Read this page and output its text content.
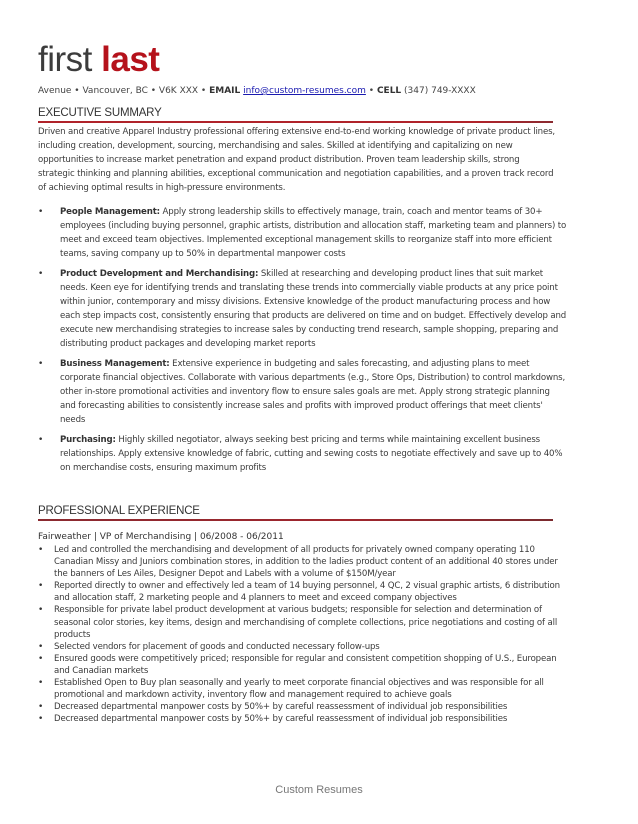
first last
Avenue • Vancouver, BC • V6K XXX • EMAIL info@custom-resumes.com • CELL (347) 749-XXXX
EXECUTIVE SUMMARY
Driven and creative Apparel Industry professional offering extensive end-to-end working knowledge of private product lines, including creation, development, sourcing, merchandising and sales. Skilled at identifying and capitalizing on new opportunities to increase market penetration and expand product distribution. Proven team leadership skills, strong strategic thinking and planning abilities, exceptional communication and negotiation capabilities, and a proven track record of achieving optimal results in high-pressure environments.
• People Management: Apply strong leadership skills to effectively manage, train, coach and mentor teams of 30+ employees (including buying personnel, graphic artists, distribution and allocation staff, marketing team and planners) to meet and exceed team objectives. Implemented exceptional management skills to reorganize staff into more efficient teams, saving company up to 50% in departmental manpower costs
• Product Development and Merchandising: Skilled at researching and developing product lines that suit market needs. Keen eye for identifying trends and translating these trends into commercially viable products at any price point within junior, contemporary and missy divisions. Extensive knowledge of the product manufacturing process and how each step impacts cost, consistently ensuring that products are delivered on time and on budget. Effectively develop and execute new merchandising strategies to increase sales by conducting trend research, sample shopping, preparing and distributing product packages and developing market reports
• Business Management: Extensive experience in budgeting and sales forecasting, and adjusting plans to meet corporate financial objectives. Collaborate with various departments (e.g., Store Ops, Distribution) to control markdowns, other in-store promotional activities and inventory flow to ensure sales goals are met. Apply strong strategic planning and forecasting abilities to consistently increase sales and profits with improved product offerings that meet clients' needs
• Purchasing: Highly skilled negotiator, always seeking best pricing and terms while maintaining excellent business relationships. Apply extensive knowledge of fabric, cutting and sewing costs to negotiate effectively and save up to 40% on merchandise costs, ensuring maximum profits
PROFESSIONAL EXPERIENCE
Fairweather | VP of Merchandising | 06/2008 - 06/2011
• Led and controlled the merchandising and development of all products for privately owned company operating 110 Canadian Missy and Juniors combination stores, in addition to the ladies product content of an additional 40 stores under the banners of Les Ailes, Designer Depot and Labels with a volume of $150M/year
• Reported directly to owner and effectively led a team of 14 buying personnel, 4 QC, 2 visual graphic artists, 6 distribution and allocation staff, 2 marketing people and 4 planners to meet and exceed company objectives
• Responsible for private label product development at various budgets; responsible for selection and determination of seasonal color stories, key items, design and merchandising of complete collections, price negotiations and costing of all products
• Selected vendors for placement of goods and conducted necessary follow-ups
• Ensured goods were competitively priced; responsible for regular and consistent competition shopping of U.S., European and Canadian markets
• Established Open to Buy plan seasonally and yearly to meet corporate financial objectives and was responsible for all promotional and markdown activity, inventory flow and management required to achieve goals
• Decreased departmental manpower costs by 50%+ by careful reassessment of individual job responsibilities
• Decreased departmental manpower costs by 50%+ by careful reassessment of individual job responsibilities
Custom Resumes
